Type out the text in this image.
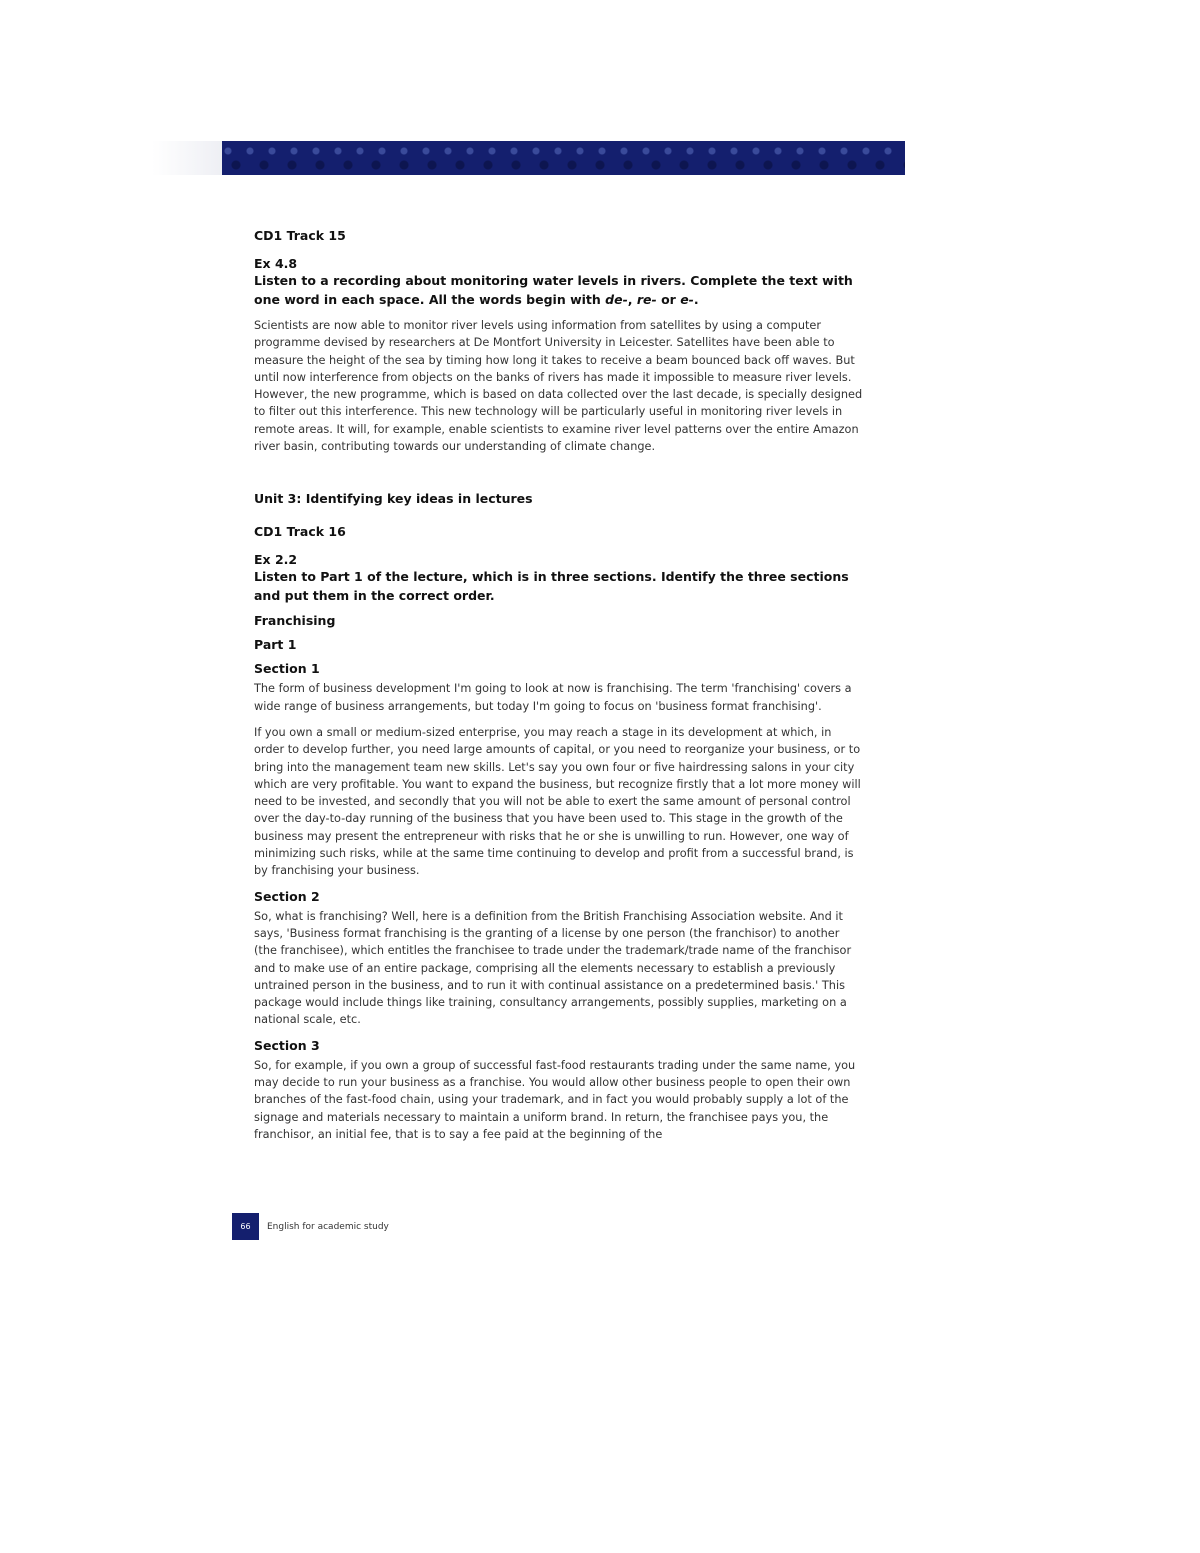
CD1 Track 15

Ex 4.8

Listen to a recording about monitoring water levels in rivers. Complete the text with one word in each space. All the words begin with de-, re- or e-.

Scientists are now able to monitor river levels using information from satellites by using a computer programme devised by researchers at De Montfort University in Leicester. Satellites have been able to measure the height of the sea by timing how long it takes to receive a beam bounced back off waves. But until now interference from objects on the banks of rivers has made it impossible to measure river levels. However, the new programme, which is based on data collected over the last decade, is specially designed to filter out this interference. This new technology will be particularly useful in monitoring river levels in remote areas. It will, for example, enable scientists to examine river level patterns over the entire Amazon river basin, contributing towards our understanding of climate change.

Unit 3: Identifying key ideas in lectures

CD1 Track 16

Ex 2.2

Listen to Part 1 of the lecture, which is in three sections. Identify the three sections and put them in the correct order.

Franchising

Part 1

Section 1

The form of business development I'm going to look at now is franchising. The term 'franchising' covers a wide range of business arrangements, but today I'm going to focus on 'business format franchising'.

If you own a small or medium-sized enterprise, you may reach a stage in its development at which, in order to develop further, you need large amounts of capital, or you need to reorganize your business, or to bring into the management team new skills. Let's say you own four or five hairdressing salons in your city which are very profitable. You want to expand the business, but recognize firstly that a lot more money will need to be invested, and secondly that you will not be able to exert the same amount of personal control over the day-to-day running of the business that you have been used to. This stage in the growth of the business may present the entrepreneur with risks that he or she is unwilling to run. However, one way of minimizing such risks, while at the same time continuing to develop and profit from a successful brand, is by franchising your business.

Section 2

So, what is franchising? Well, here is a definition from the British Franchising Association website. And it says, 'Business format franchising is the granting of a license by one person (the franchisor) to another (the franchisee), which entitles the franchisee to trade under the trademark/trade name of the franchisor and to make use of an entire package, comprising all the elements necessary to establish a previously untrained person in the business, and to run it with continual assistance on a predetermined basis.' This package would include things like training, consultancy arrangements, possibly supplies, marketing on a national scale, etc.

Section 3

So, for example, if you own a group of successful fast-food restaurants trading under the same name, you may decide to run your business as a franchise. You would allow other business people to open their own branches of the fast-food chain, using your trademark, and in fact you would probably supply a lot of the signage and materials necessary to maintain a uniform brand. In return, the franchisee pays you, the franchisor, an initial fee, that is to say a fee paid at the beginning of the

66	English for academic study
